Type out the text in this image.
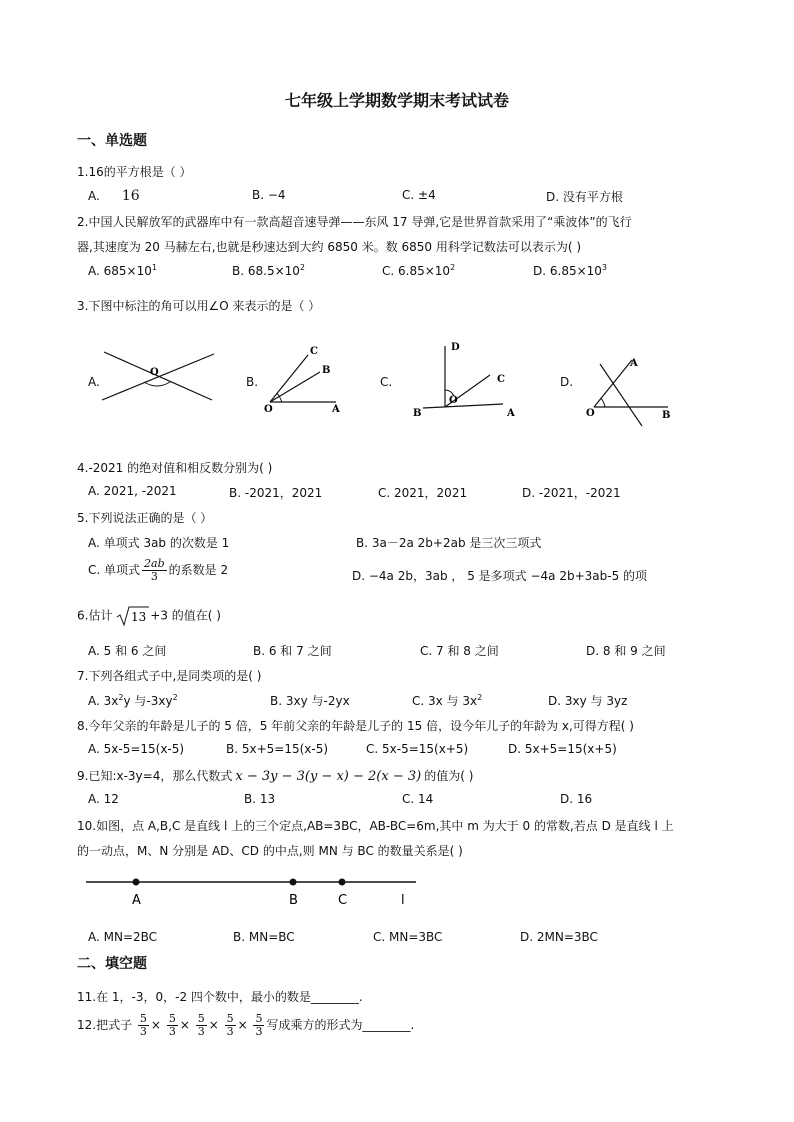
七年级上学期数学期末考试试卷
一、单选题
1.16的平方根是（ ）
A. 16	B. −4	C. ±4	D. 没有平方根
2.中国人民解放军的武器库中有一款高超音速导弹——东风 17 导弹,它是世界首款采用了“乘波体”的飞行
器,其速度为 20 马赫左右,也就是秒速达到大约 6850 米。数 6850 用科学记数法可以表示为( )
A. $685\times 10^1$	B. $68.5\times 10^2$	C. $6.85\times 10^2$	D. $6.85\times 10^3$
3.下图中标注的角可以用∠O 来表示的是（ ）
A.
O
B.
O
C
B
A
C.
B
O
D
C
A
D.
O
A
B
4.-2021 的绝对值和相反数分别为( )
A. 2021, -2021	B. -2021，2021	C. 2021，2021	D. -2021，-2021
5.下列说法正确的是（ ）
A. 单项式 3ab 的次数是 1	B. 3a－2a 2b+2ab 是三次三项式
C. 单项式 $\frac{2ab}{3}$ 的系数是 2	D. −4a 2b，3ab ， 5 是多项式 −4a 2b+3ab-5 的项
6.估计 13 +3 的值在( )
A. 5 和 6 之间	B. 6 和 7 之间	C. 7 和 8 之间	D. 8 和 9 之间
7.下列各组式子中,是同类项的是( )
A. $3x^2y$ 与$-3xy^2$	B. 3xy 与-2yx	C. 3x 与 $3x^2$	D. 3xy 与 3yz
8.今年父亲的年龄是儿子的 5 倍，5 年前父亲的年龄是儿子的 15 倍，设今年儿子的年龄为 x,可得方程( )
A. 5x-5=15(x-5)	B. 5x+5=15(x-5)	C. 5x-5=15(x+5)	D. 5x+5=15(x+5)
9.已知:x-3y=4，那么代数式 x − 3y − 3(y − x) − 2(x − 3) 的值为( )
A. 12	B. 13	C. 14	D. 16
10.如图，点 A,B,C 是直线 l 上的三个定点,AB=3BC，AB-BC=6m,其中 m 为大于 0 的常数,若点 D 是直线 l 上
的一动点，M、N 分别是 AD、CD 的中点,则 MN 与 BC 的数量关系是( )
A	B	C	l
A. MN=2BC	B. MN=BC	C. MN=3BC	D. 2MN=3BC
二、填空题
11.在 1，-3，0，-2 四个数中，最小的数是________.
12.把式子 $\frac{5}{3} \times \frac{5}{3} \times \frac{5}{3} \times \frac{5}{3} \times \frac{5}{3}$ 写成乘方的形式为________.
